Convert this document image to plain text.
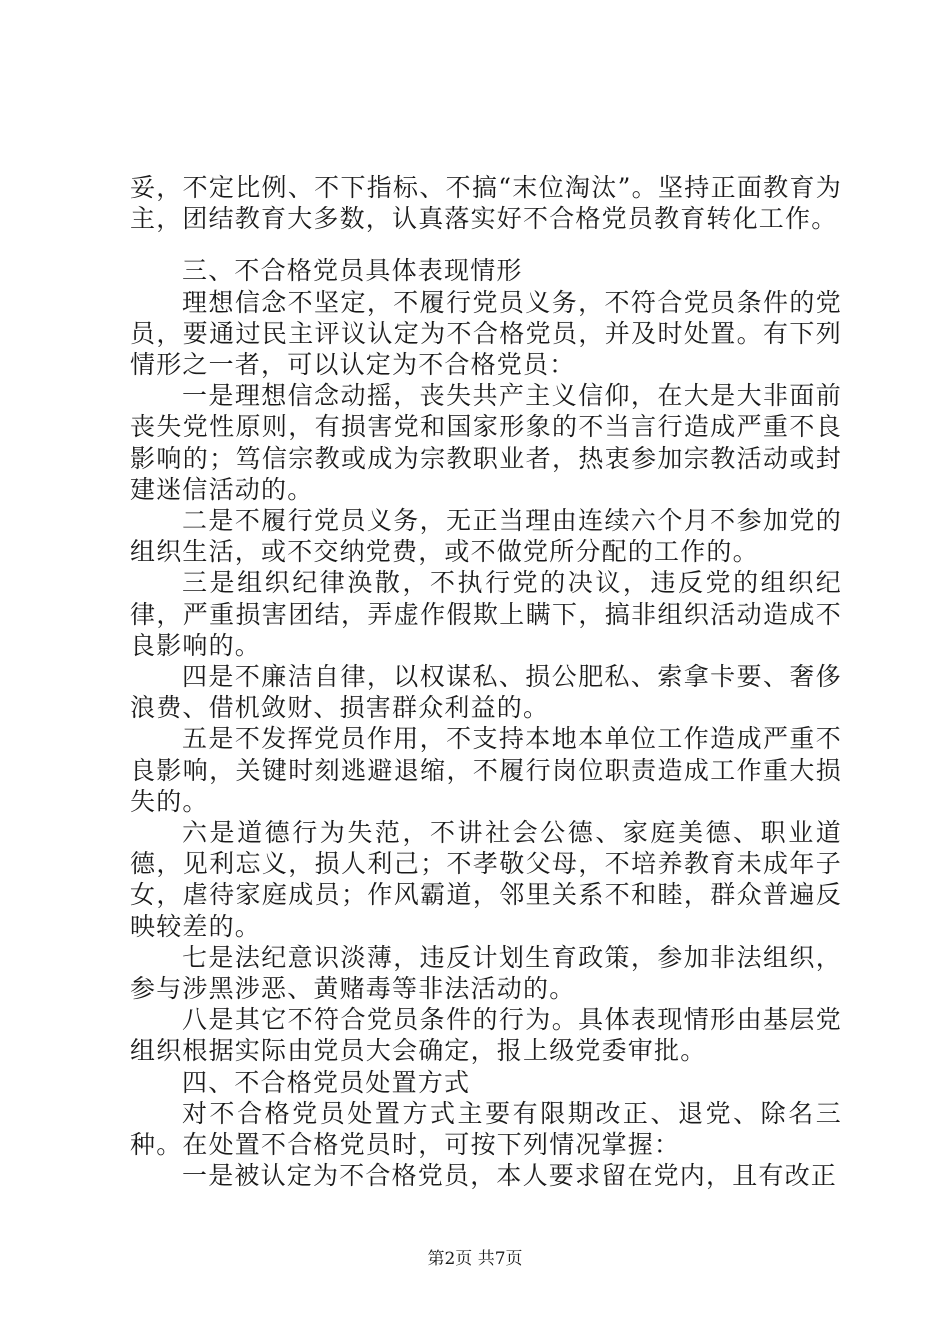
妥，不定比例、不下指标、不搞“末位淘汰”。坚持正面教育为主，团结教育大多数，认真落实好不合格党员教育转化工作。

三、不合格党员具体表现情形

理想信念不坚定，不履行党员义务，不符合党员条件的党员，要通过民主评议认定为不合格党员，并及时处置。有下列情形之一者，可以认定为不合格党员：

一是理想信念动摇，丧失共产主义信仰，在大是大非面前丧失党性原则，有损害党和国家形象的不当言行造成严重不良影响的；笃信宗教或成为宗教职业者，热衷参加宗教活动或封建迷信活动的。

二是不履行党员义务，无正当理由连续六个月不参加党的组织生活，或不交纳党费，或不做党所分配的工作的。

三是组织纪律涣散，不执行党的决议，违反党的组织纪律，严重损害团结，弄虚作假欺上瞒下，搞非组织活动造成不良影响的。

四是不廉洁自律，以权谋私、损公肥私、索拿卡要、奢侈浪费、借机敛财、损害群众利益的。

五是不发挥党员作用，不支持本地本单位工作造成严重不良影响，关键时刻逃避退缩，不履行岗位职责造成工作重大损失的。

六是道德行为失范，不讲社会公德、家庭美德、职业道德，见利忘义，损人利己；不孝敬父母，不培养教育未成年子女，虐待家庭成员；作风霸道，邻里关系不和睦，群众普遍反映较差的。

七是法纪意识淡薄，违反计划生育政策，参加非法组织，参与涉黑涉恶、黄赌毒等非法活动的。

八是其它不符合党员条件的行为。具体表现情形由基层党组织根据实际由党员大会确定，报上级党委审批。

四、不合格党员处置方式

对不合格党员处置方式主要有限期改正、退党、除名三种。在处置不合格党员时，可按下列情况掌握：

一是被认定为不合格党员，本人要求留在党内，且有改正

第2页 共7页
